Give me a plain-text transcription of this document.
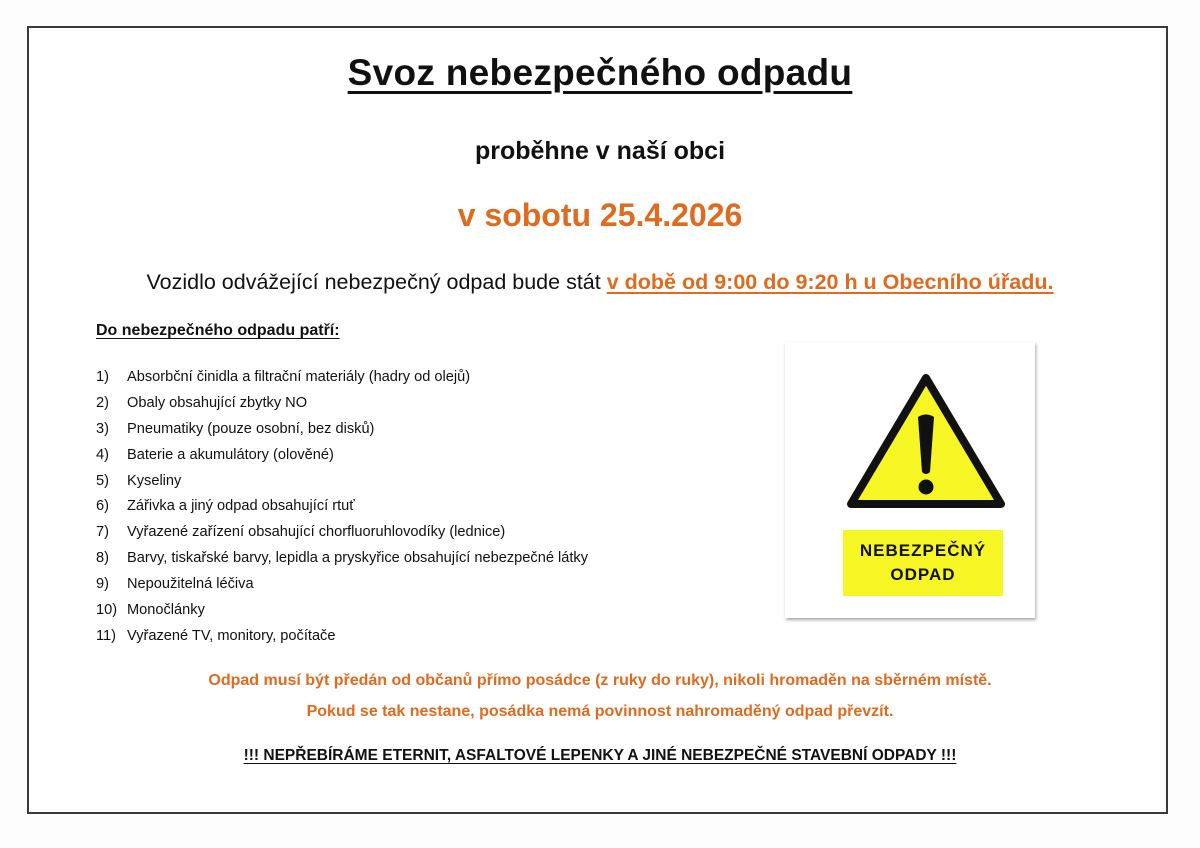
Svoz nebezpečného odpadu
proběhne v naší obci
v sobotu 25.4.2026
Vozidlo odvážející nebezpečný odpad bude stát v době od 9:00 do 9:20 h u Obecního úřadu.
Do nebezpečného odpadu patří:
1)	Absorbční činidla a filtrační materiály (hadry od olejů)
2)	Obaly obsahující zbytky NO
3)	Pneumatiky (pouze osobní, bez disků)
4)	Baterie a akumulátory (olověné)
5)	Kyseliny
6)	Zářivka a jiný odpad obsahující rtuť
7)	Vyřazené zařízení obsahující chorfluoruhlovodíky (lednice)
8)	Barvy, tiskařské barvy, lepidla a pryskyřice obsahující nebezpečné látky
9)	Nepoužitelná léčiva
10) Monočlánky
11) Vyřazené TV, monitory, počítače
NEBEZPEČNÝ
ODPAD
Odpad musí být předán od občanů přímo posádce (z ruky do ruky), nikoli hromaděn na sběrném místě.
Pokud se tak nestane, posádka nemá povinnost nahromaděný odpad převzít.
!!! NEPŘEBÍRÁME ETERNIT, ASFALTOVÉ LEPENKY A JINÉ NEBEZPEČNÉ STAVEBNÍ ODPADY !!!
